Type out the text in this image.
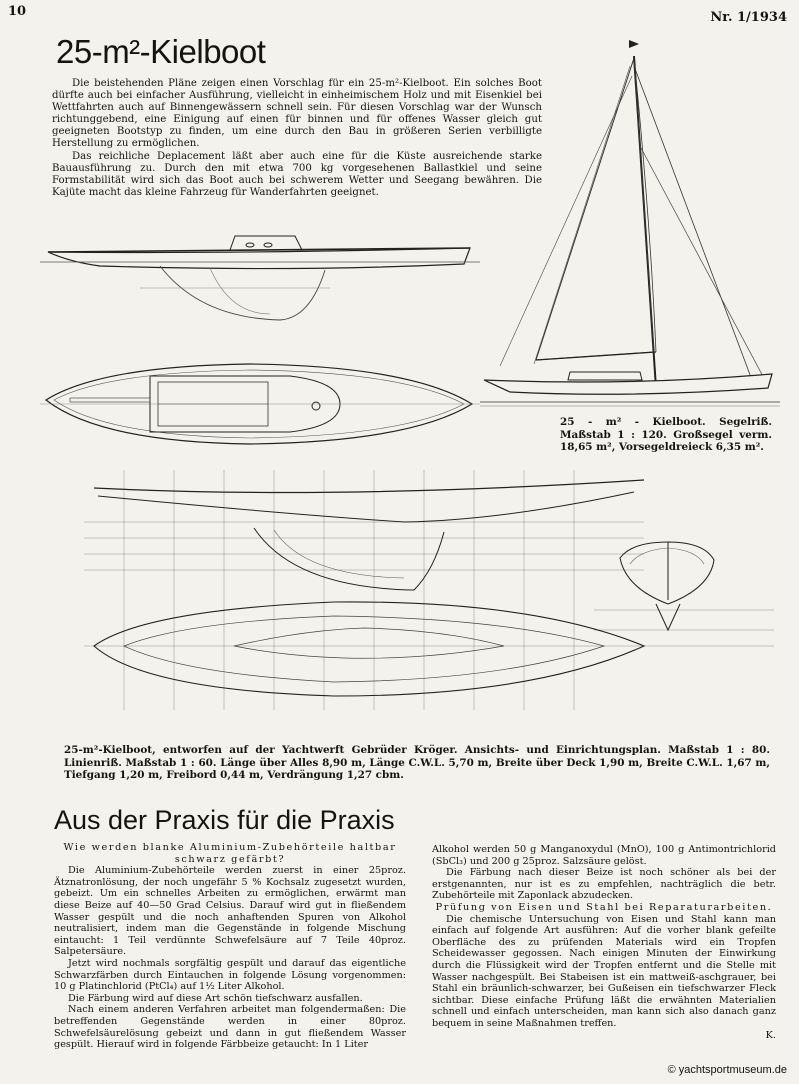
10	Nr. 1/1934
25-m²-Kielboot

Die beistehenden Pläne zeigen einen Vorschlag für ein 25-m²-Kielboot. Ein solches Boot dürfte auch bei einfacher Ausführung, vielleicht in einheimischem Holz und mit Eisenkiel bei Wettfahrten auch auf Binnengewässern schnell sein. Für diesen Vorschlag war der Wunsch richtunggebend, eine Einigung auf einen für binnen und für offenes Wasser gleich gut geeigneten Bootstyp zu finden, um eine durch den Bau in größeren Serien verbilligte Herstellung zu ermöglichen.

Das reichliche Deplacement läßt aber auch eine für die Küste ausreichende starke Bauausführung zu. Durch den mit etwa 700 kg vorgesehenen Ballastkiel und seine Formstabilität wird sich das Boot auch bei schwerem Wetter und Seegang bewähren. Die Kajüte macht das kleine Fahrzeug für Wanderfahrten geeignet.

25 - m² - Kielboot. Segelriß. Maßstab 1 : 120. Großsegel verm. 18,65 m², Vorsegeldreieck 6,35 m².
25-m²-Kielboot, entworfen auf der Yachtwerft Gebrüder Kröger. Ansichts- und Einrichtungsplan. Maßstab 1 : 80. Linienriß. Maßstab 1 : 60. Länge über Alles 8,90 m, Länge C.W.L. 5,70 m, Breite über Deck 1,90 m, Breite C.W.L. 1,67 m, Tiefgang 1,20 m, Freibord 0,44 m, Verdrängung 1,27 cbm.
Aus der Praxis für die Praxis

Wie werden blanke Aluminium-Zubehörteile haltbar schwarz gefärbt?

Die Aluminium-Zubehörteile werden zuerst in einer 25proz. Ätznatronlösung, der noch ungefähr 5 % Kochsalz zugesetzt wurden, gebeizt. Um ein schnelles Arbeiten zu ermöglichen, erwärmt man diese Beize auf 40—50 Grad Celsius. Darauf wird gut in fließendem Wasser gespült und die noch anhaftenden Spuren von Alkohol neutralisiert, indem man die Gegenstände in folgende Mischung eintaucht: 1 Teil verdünnte Schwefelsäure auf 7 Teile 40proz. Salpetersäure.

Jetzt wird nochmals sorgfältig gespült und darauf das eigentliche Schwarzfärben durch Eintauchen in folgende Lösung vorgenommen: 10 g Platinchlorid (PtCl₄) auf 1½ Liter Alkohol.

Die Färbung wird auf diese Art schön tiefschwarz ausfallen.

Nach einem anderen Verfahren arbeitet man folgendermaßen: Die betreffenden Gegenstände werden in einer 80proz. Schwefelsäurelösung gebeizt und dann in gut fließendem Wasser gespült. Hierauf wird in folgende Färbbeize getaucht: In 1 Liter

Alkohol werden 50 g Manganoxydul (MnO), 100 g Antimontrichlorid (SbCl₃) und 200 g 25proz. Salzsäure gelöst.

Die Färbung nach dieser Beize ist noch schöner als bei der erstgenannten, nur ist es zu empfehlen, nachträglich die betr. Zubehörteile mit Zaponlack abzudecken.

Prüfung von Eisen und Stahl bei Reparaturarbeiten.

Die chemische Untersuchung von Eisen und Stahl kann man einfach auf folgende Art ausführen: Auf die vorher blank gefeilte Oberfläche des zu prüfenden Materials wird ein Tropfen Scheidewasser gegossen. Nach einigen Minuten der Einwirkung durch die Flüssigkeit wird der Tropfen entfernt und die Stelle mit Wasser nachgespült. Bei Stabeisen ist ein mattweiß-aschgrauer, bei Stahl ein bräunlich-schwarzer, bei Gußeisen ein tiefschwarzer Fleck sichtbar. Diese einfache Prüfung läßt die erwähnten Materialien schnell und einfach unterscheiden, man kann sich also danach ganz bequem in seine Maßnahmen treffen.

K.

© yachtsportmuseum.de
